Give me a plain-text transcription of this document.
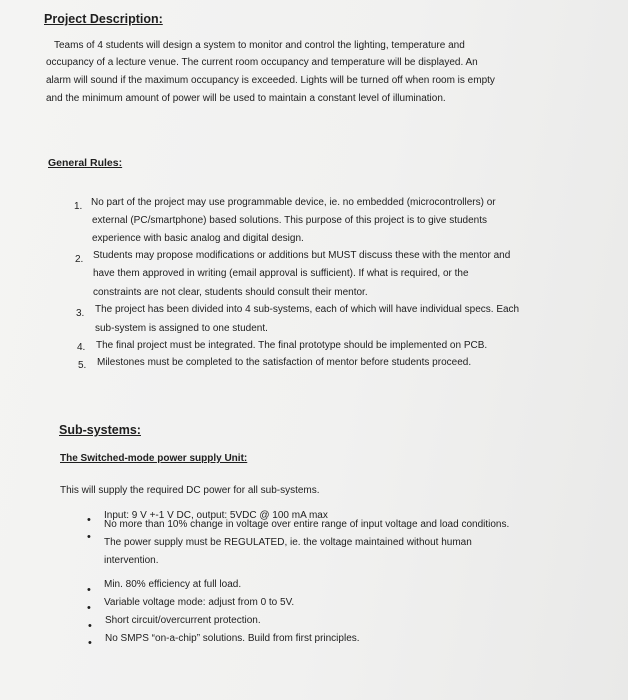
Project Description:
Teams of 4 students will design a system to monitor and control the lighting, temperature and
occupancy of a lecture venue. The current room occupancy and temperature will be displayed. An
alarm will sound if the maximum occupancy is exceeded. Lights will be turned off when room is empty
and the minimum amount of power will be used to maintain a constant level of illumination.
General Rules:
1. No part of the project may use programmable device, ie. no embedded (microcontrollers) or
external (PC/smartphone) based solutions. This purpose of this project is to give students
experience with basic analog and digital design.
2. Students may propose modifications or additions but MUST discuss these with the mentor and
have them approved in writing (email approval is sufficient). If what is required, or the
constraints are not clear, students should consult their mentor.
3. The project has been divided into 4 sub-systems, each of which will have individual specs. Each
sub-system is assigned to one student.
4. The final project must be integrated. The final prototype should be implemented on PCB.
5. Milestones must be completed to the satisfaction of mentor before students proceed.
Sub-systems:
The Switched-mode power supply Unit:
This will supply the required DC power for all sub-systems.
• Input: 9 V +-1 V DC, output: 5VDC @ 100 mA max
•
No more than 10% change in voltage over entire range of input voltage and load conditions.
The power supply must be REGULATED, ie. the voltage maintained without human
intervention.
• Min. 80% efficiency at full load.
• Variable voltage mode: adjust from 0 to 5V.
• Short circuit/overcurrent protection.
• No SMPS “on-a-chip” solutions. Build from first principles.
